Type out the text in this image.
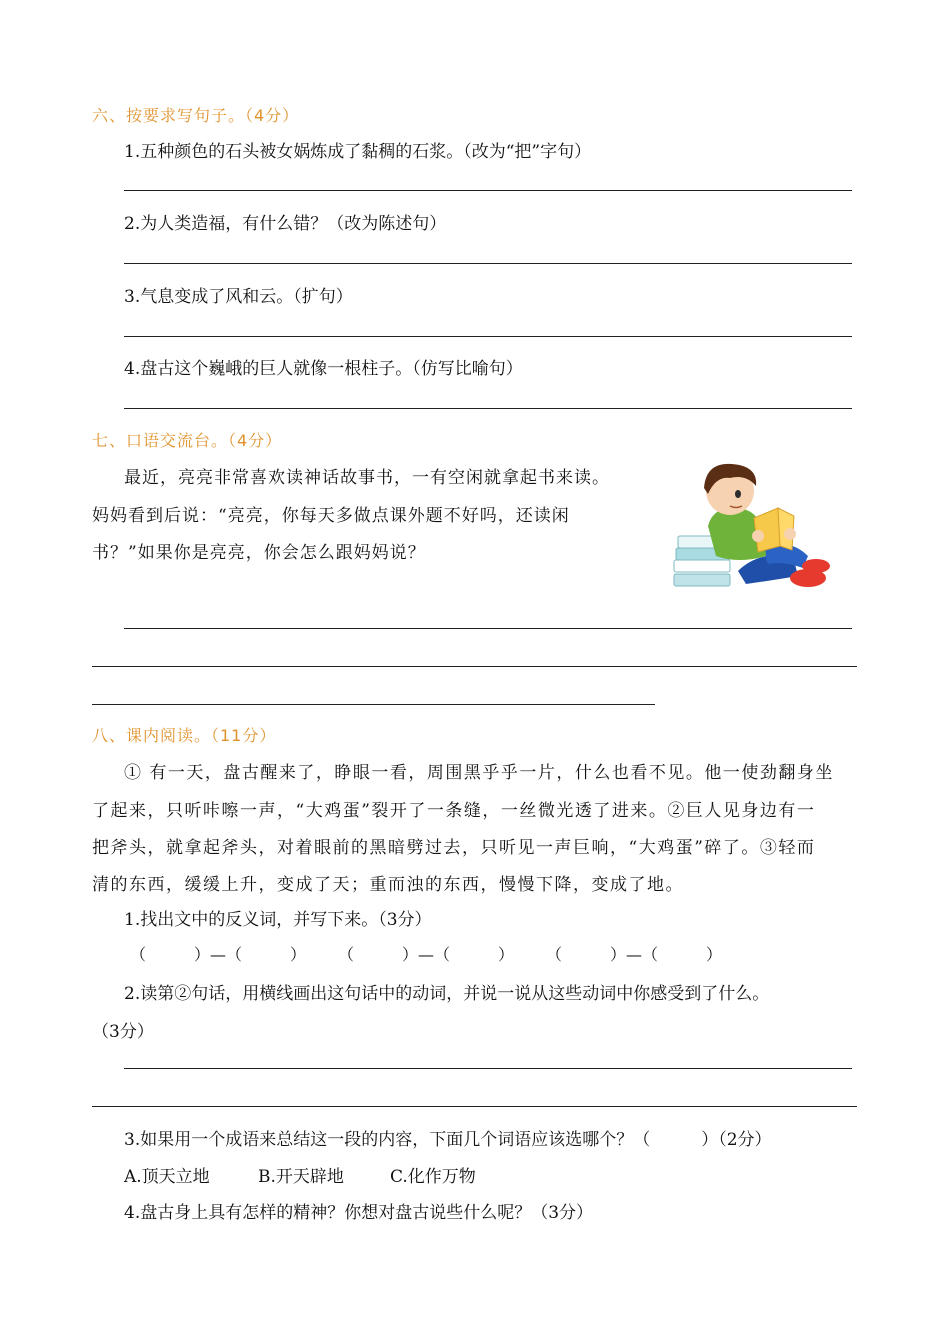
六、按要求写句子。（4分）
1.五种颜色的石头被女娲炼成了黏稠的石浆。（改为“把”字句）
2.为人类造福，有什么错？（改为陈述句）
3.气息变成了风和云。（扩句）
4.盘古这个巍峨的巨人就像一根柱子。（仿写比喻句）
七、口语交流台。（4分）
最近，亮亮非常喜欢读神话故事书，一有空闲就拿起书来读。
妈妈看到后说：“亮亮，你每天多做点课外题不好吗，还读闲
书？”如果你是亮亮，你会怎么跟妈妈说？
八、课内阅读。（11分）
① 有一天，盘古醒来了，睁眼一看，周围黑乎乎一片，什么也看不见。他一使劲翻身坐
了起来，只听咔嚓一声，“大鸡蛋”裂开了一条缝，一丝微光透了进来。②巨人见身边有一
把斧头，就拿起斧头，对着眼前的黑暗劈过去，只听见一声巨响，“大鸡蛋”碎了。③轻而
清的东西，缓缓上升，变成了天；重而浊的东西，慢慢下降，变成了地。
1.找出文中的反义词，并写下来。（3分）
（　　　）—（　　　）　　　（　　　）—（　　　）　　　（　　　）—（　　　）
2.读第②句话，用横线画出这句话中的动词，并说一说从这些动词中你感受到了什么。
（3分）
3.如果用一个成语来总结这一段的内容，下面几个词语应该选哪个？（　　　）（2分）
A.顶天立地	B.开天辟地	C.化作万物
4.盘古身上具有怎样的精神？你想对盘古说些什么呢？（3分）
